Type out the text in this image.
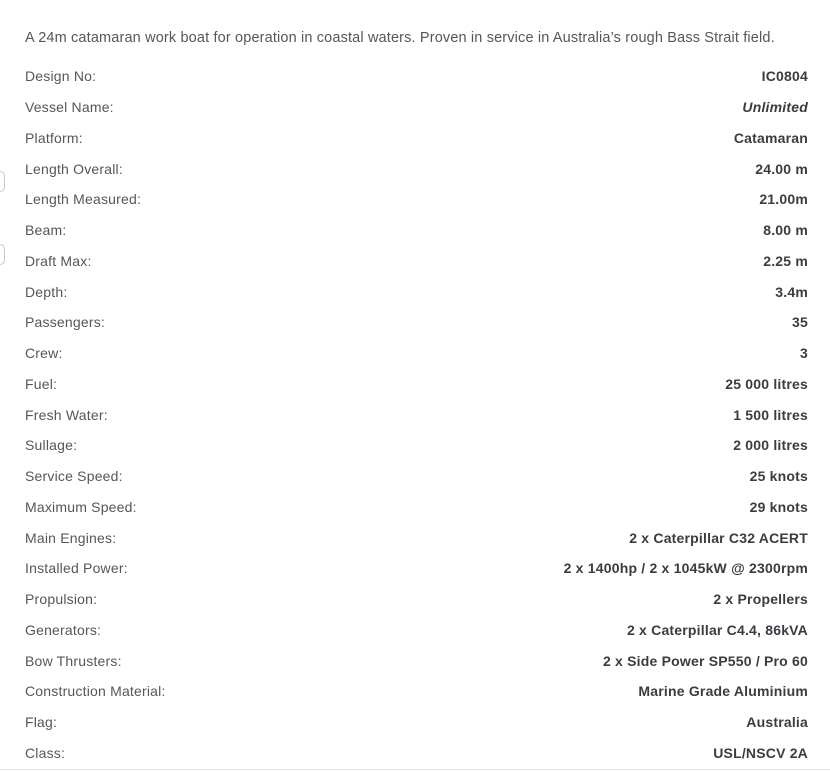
A 24m catamaran work boat for operation in coastal waters. Proven in service in Australia’s rough Bass Strait field.

Design No:	IC0804
Vessel Name:	Unlimited
Platform:	Catamaran
Length Overall:	24.00 m
Length Measured:	21.00m
Beam:	8.00 m
Draft Max:	2.25 m
Depth:	3.4m
Passengers:	35
Crew:	3
Fuel:	25 000 litres
Fresh Water:	1 500 litres
Sullage:	2 000 litres
Service Speed:	25 knots
Maximum Speed:	29 knots
Main Engines:	2 x Caterpillar C32 ACERT
Installed Power:	2 x 1400hp / 2 x 1045kW @ 2300rpm
Propulsion:	2 x Propellers
Generators:	2 x Caterpillar C4.4, 86kVA
Bow Thrusters:	2 x Side Power SP550 / Pro 60
Construction Material:	Marine Grade Aluminium
Flag:	Australia
Class:	USL/NSCV 2A
